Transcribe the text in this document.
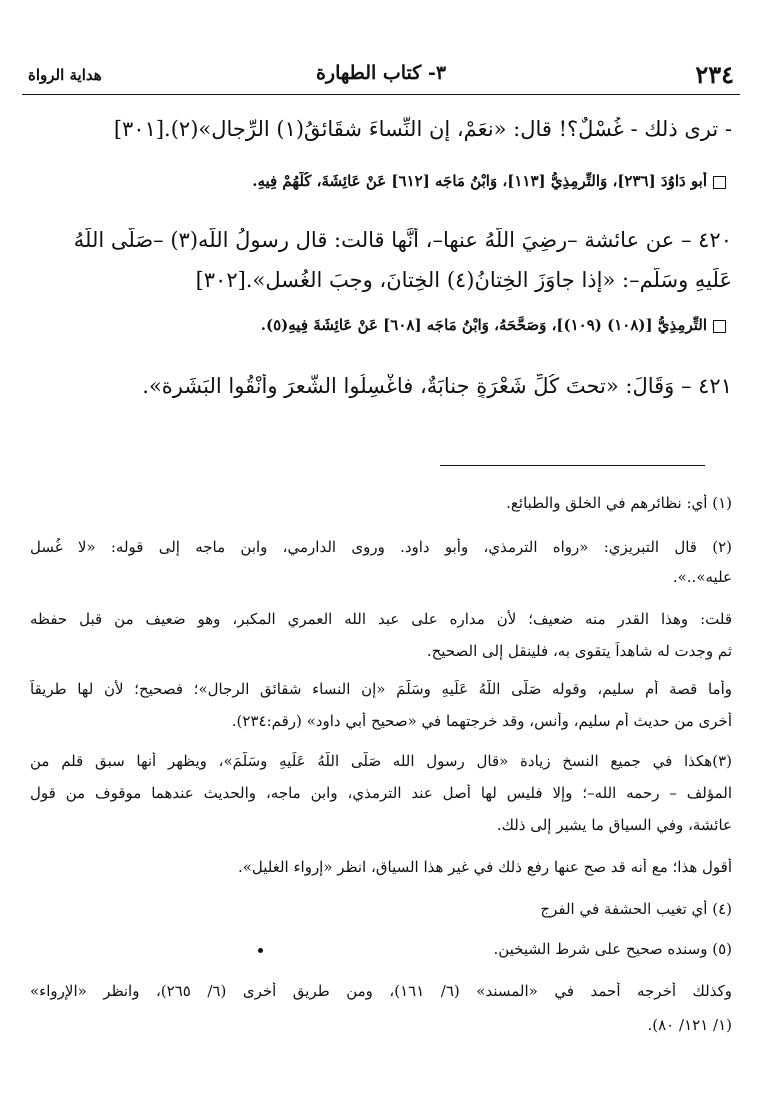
٢٣٤
٣- كتاب الطهارة
هداية الرواة
- ترى ذلك - غُسْلٌ؟! قال: «نعَمْ، إن النِّساءَ شقَائقُ(١) الرِّجال»(٢).[٣٠١]
أبو دَاوُدَ [٢٣٦]، وَالتِّرمِذِيُّ [١١٣]، وَابْنُ مَاجَه [٦١٢] عَنْ عَائِشَةَ، كُلُّهُمْ فِيهِ.
٤٢٠ – عن عائشة –رضِيَ اللَّهُ عنها–، أنَّها قالت: قال رسولُ اللَّه(٣) –صَلَّى اللَّهُ
عَلَيهِ وسَلَّم–: «إذا جاوَزَ الخِتانُ(٤) الخِتانَ، وجبَ الغُسل».[٣٠٢]
التِّرمِذِيُّ [(١٠٨) (١٠٩)]، وَصَحَّحَهُ، وَابْنُ مَاجَه [٦٠٨] عَنْ عَائِشَةَ فِيهِ(٥).
٤٢١ – وَقَالَ: «تحتَ كُلِّ شَعْرَةٍ جنابَةٌ، فاغْسِلُوا الشَّعرَ وأَنْقُوا البَشَرة».
(١) أي: نظائرهم في الخلق والطبائع.
(٢) قال التبريزي: «رواه الترمذي، وأبو داود. وروى الدارمي، وابن ماجه إلى قوله: «لا غُسل
عليه»..».
قلت: وهذا القدر منه ضعيف؛ لأن مداره على عبد الله العمري المكبر، وهو ضعيف من قبل حفظه
ثم وجدت له شاهداً يتقوى به، فلينقل إلى الصحيح.
وأما قصة أم سليم، وقوله صَلَّى اللَّهُ عَلَيهِ وسَلَّمَ «إن النساء شقائق الرجال»؛ فصحيح؛ لأن لها طريقاً
أخرى من حديث أم سليم، وأنس، وقد خرجتهما في «صحيح أبي داود» (رقم:٢٣٤).
(٣)هكذا في جميع النسخ زيادة «قال رسول الله صَلَّى اللَّهُ عَلَيهِ وسَلَّمَ»، ويظهر أنها سبق قلم من
المؤلف – رحمه الله–؛ وإلا فليس لها أصل عند الترمذي، وابن ماجه، والحديث عندهما موقوف من قول
عائشة، وفي السياق ما يشير إلى ذلك.
أقول هذا؛ مع أنه قد صح عنها رفع ذلك في غير هذا السياق، انظر «إرواء الغليل».
(٤) أي تغيب الحشفة في الفرج
(٥) وسنده صحيح على شرط الشيخين.
وكذلك أخرجه أحمد في «المسند» (٦/ ١٦١)، ومن طريق أخرى (٦/ ٢٦٥)، وانظر «الإرواء»
(١/ ١٢١/ ٨٠).
